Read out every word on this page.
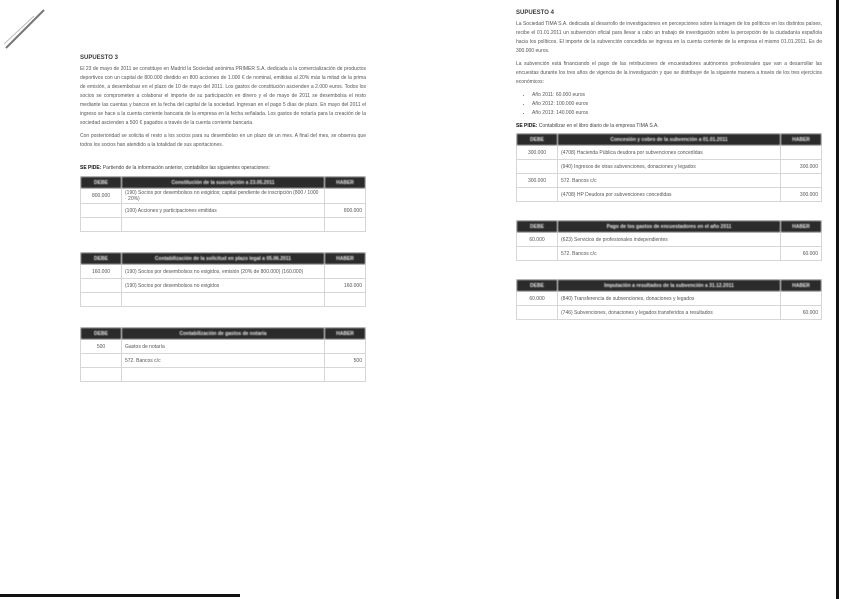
SUPUESTO 3

El 23 de mayo de 2011 se constituye en Madrid la Sociedad anónima PRIMER S.A. dedicada a la comercialización de productos deportivos con un capital de 800.000 dividido en 800 acciones de 1.000 € de nominal, emitidas al 20% más la mitad de la prima de emisión, a desembolsar en el plazo de 10 de mayo del 2011. Los gastos de constitución ascienden a 2.000 euros. Todos los socios se comprometen a colaborar el importe de su participación en dinero y el de mayo de 2011 se desembolsa el resto mediante las cuentas y bancos en la fecha del capital de la sociedad. Ingresan en el pago 5 días de plazo. En mayo del 2011 el ingreso se hace a la cuenta corriente bancaria de la empresa en la fecha señalada. Los gastos de notaría para la creación de la sociedad ascienden a 500 € pagados a través de la cuenta corriente bancaria.

Con posterioridad se solicita el resto a los socios para su desembolso en un plazo de un mes. A final del mes, se observa que todos los socios han atendido a la totalidad de sus aportaciones.

SE PIDE: Partiendo de la información anterior, contabilice las siguientes operaciones:

DEBE	Constitución de la suscripción a 23.05.2011	HABER
800.000	(190) Socios por desembolsos no exigidos; capital pendiente de inscripción (800 / 1000 · 20%)	
	(100) Acciones y participaciones emitidas	800.000

DEBE	Contabilización de la solicitud en plazo legal a 05.06.2011	HABER
160.000	(190) Socios por desembolsos no exigidos, emisión (20% de 800.000) (160.000)	
	(190) Socios por desembolsos no exigidos	160.000

DEBE	Contabilización de gastos de notaría	HABER
500	Gastos de notaría	
	572. Bancos c/c	500

SUPUESTO 4

La Sociedad TIMA S.A. dedicada al desarrollo de investigaciones en percepciones sobre la imagen de los políticos en los distintos países, recibe el 01.01.2011 un subvención oficial para llevar a cabo un trabajo de investigación sobre la percepción de la ciudadanía española hacia los políticos. El importe de la subvención concedida se ingresa en la cuenta corriente de la empresa el mismo 01.01.2011. Es de 300.000 euros.

La subvención está financiando el pago de las retribuciones de encuestadores autónomos profesionales que van a desarrollar las encuestas durante los tres años de vigencia de la investigación y que se distribuye de la siguiente manera a través de los tres ejercicios económicos:

• Año 2011: 60.000 euros
• Año 2012: 100.000 euros
• Año 2013: 140.000 euros

SE PIDE: Contabilizar en el libro diario de la empresa TIMA S.A.

DEBE	Concesión y cobro de la subvención a 01.01.2011	HABER
300.000	(4708) Hacienda Pública deudora por subvenciones concedidas	
	(940) Ingresos de otras subvenciones, donaciones y legados	300.000
300.000	572. Bancos c/c	
	(4708) HP Deudora por subvenciones concedidas	300.000
DEBE	Pago de los gastos de encuestadores en el año 2011	HABER
60.000	(623) Servicios de profesionales independientes	
	572. Bancos c/c	60.000
DEBE	Imputación a resultados de la subvención a 31.12.2011	HABER
60.000	(840) Transferencia de subvenciones, donaciones y legados	
	(746) Subvenciones, donaciones y legados transferidos a resultados	60.000
